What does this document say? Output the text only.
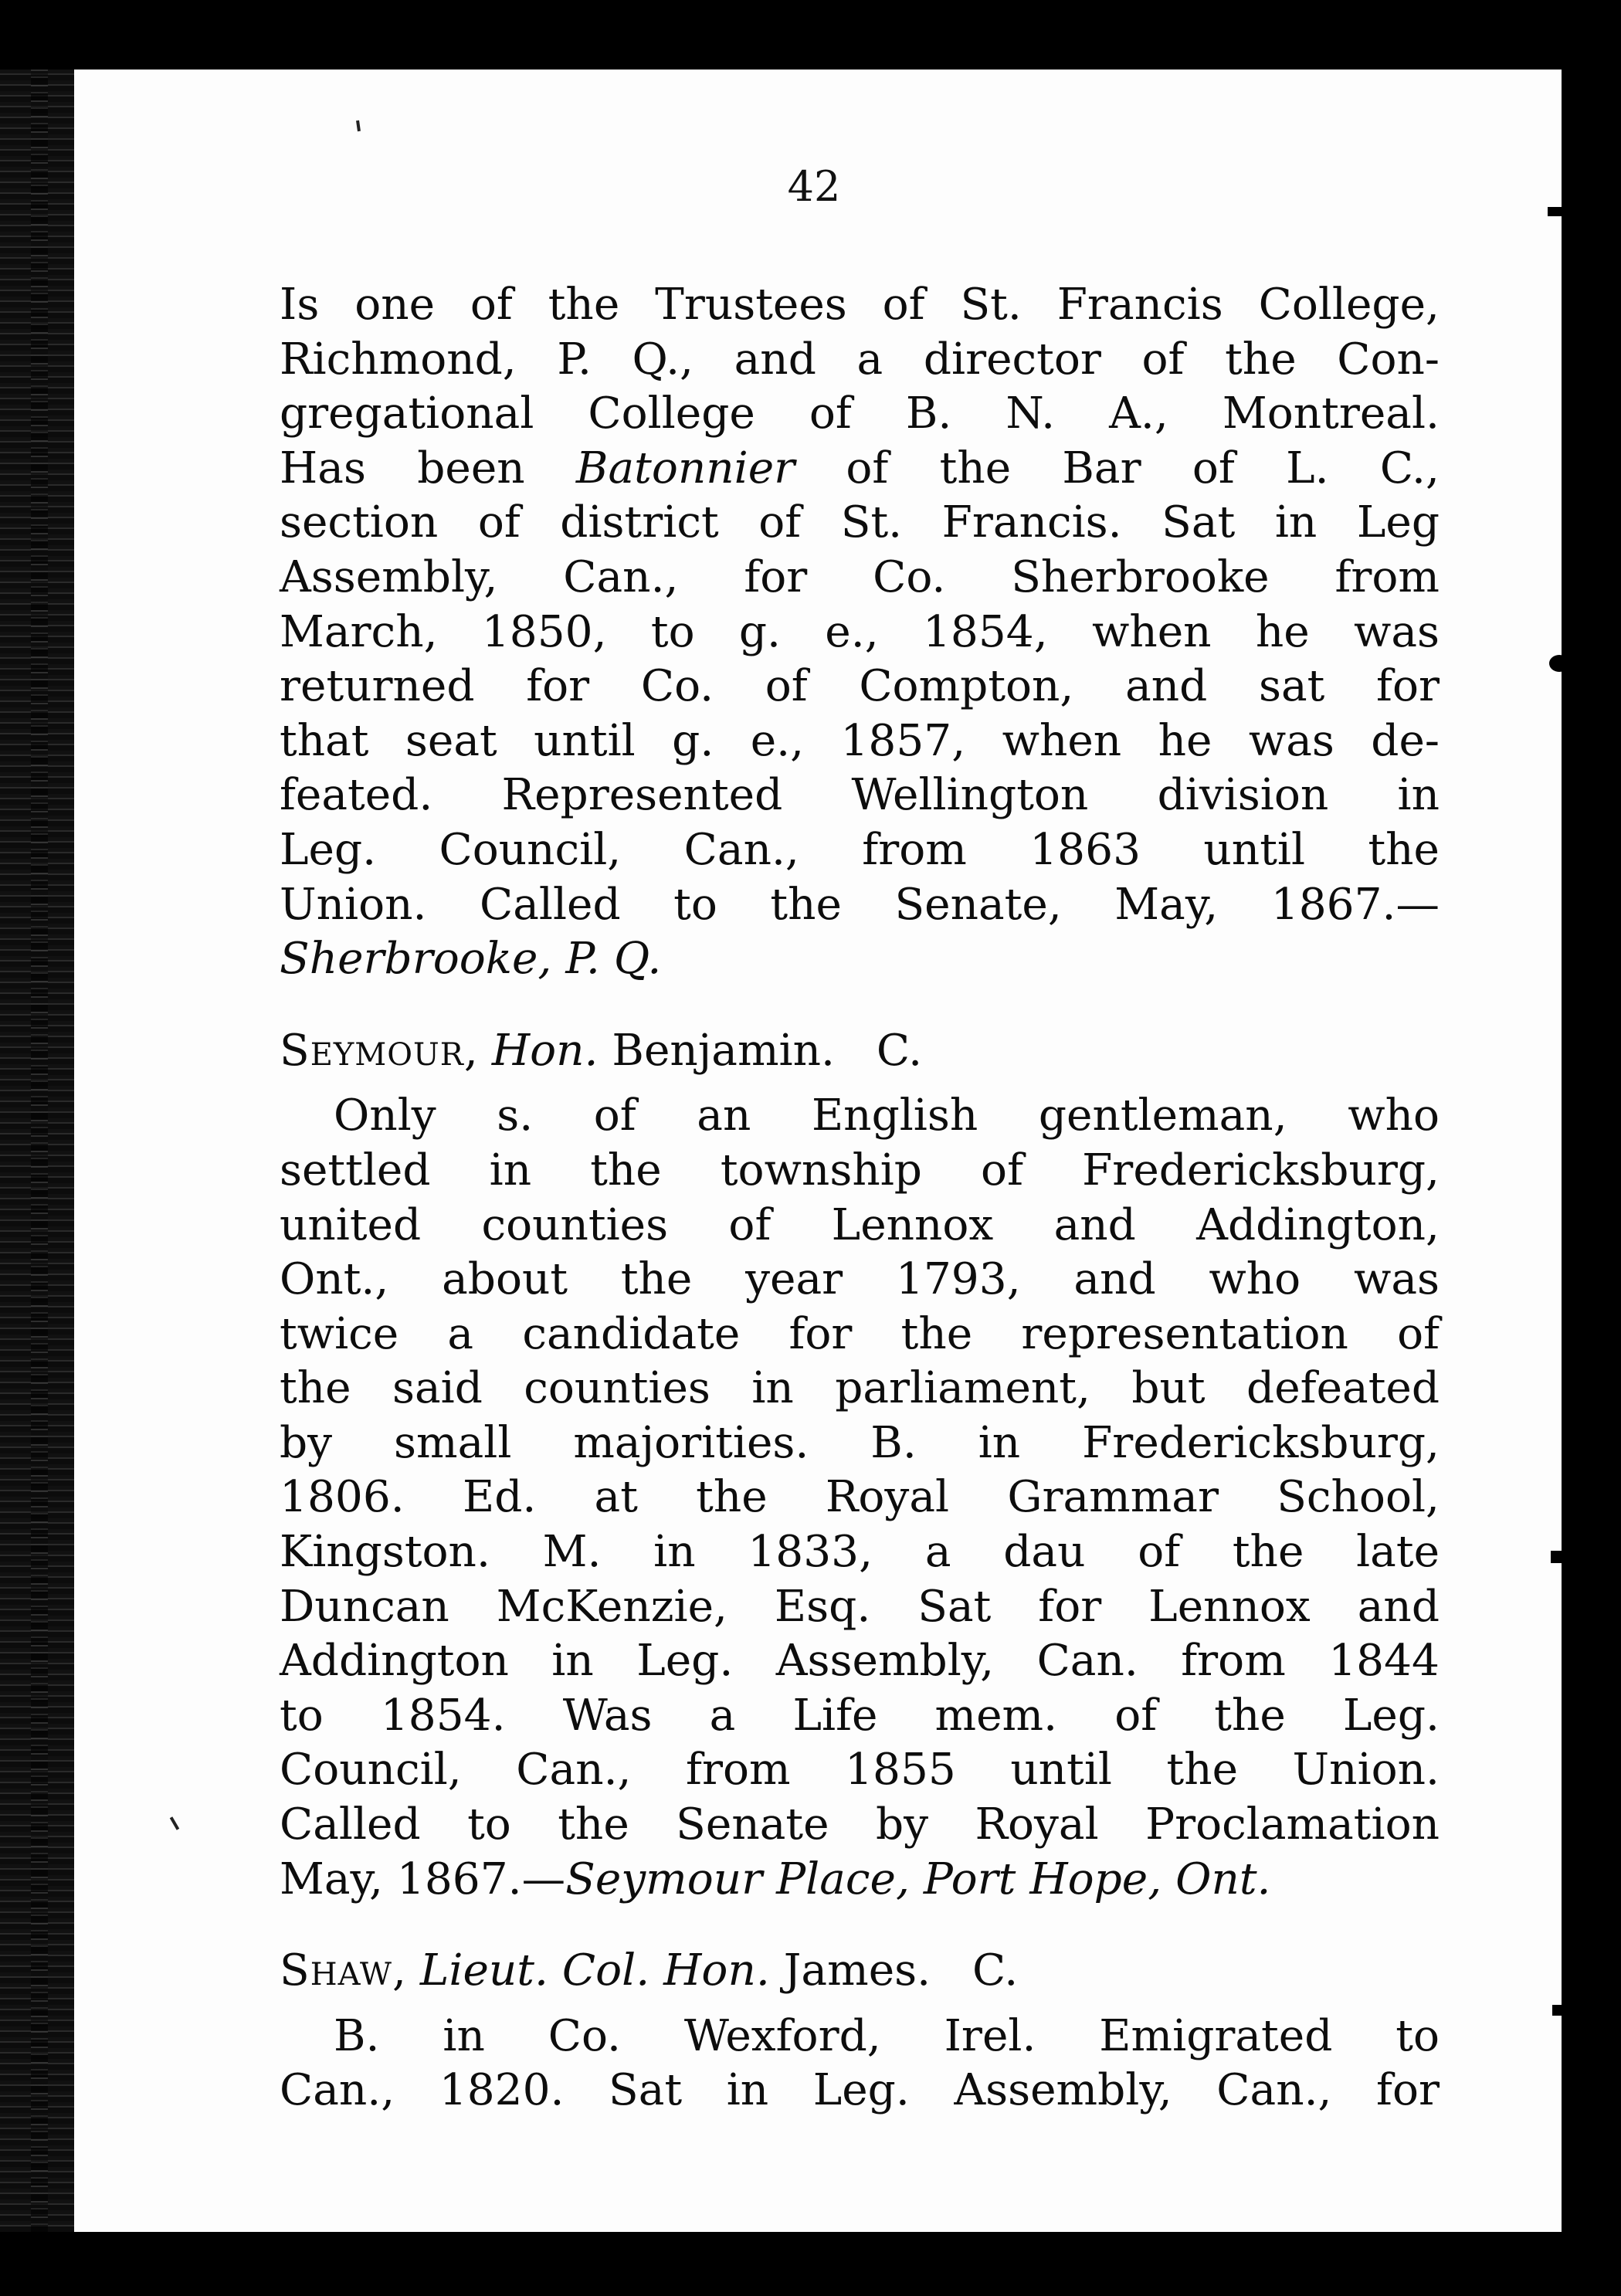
42
Is one of the Trustees of St. Francis College,
Richmond, P. Q., and a director of the Con-
gregational College of B. N. A., Montreal.
Has been Batonnier of the Bar of L. C.,
section of district of St. Francis. Sat in Leg
Assembly, Can., for Co. Sherbrooke from
March, 1850, to g. e., 1854, when he was
returned for Co. of Compton, and sat for
that seat until g. e., 1857, when he was de-
feated. Represented Wellington division in
Leg. Council, Can., from 1863 until the
Union. Called to the Senate, May, 1867.—
Sherbrooke, P. Q.
Seymour, Hon. Benjamin. C.
Only s. of an English gentleman, who
settled in the township of Fredericksburg,
united counties of Lennox and Addington,
Ont., about the year 1793, and who was
twice a candidate for the representation of
the said counties in parliament, but defeated
by small majorities. B. in Fredericksburg,
1806. Ed. at the Royal Grammar School,
Kingston. M. in 1833, a dau of the late
Duncan McKenzie, Esq. Sat for Lennox and
Addington in Leg. Assembly, Can. from 1844
to 1854. Was a Life mem. of the Leg.
Council, Can., from 1855 until the Union.
Called to the Senate by Royal Proclamation
May, 1867.—Seymour Place, Port Hope, Ont.
Shaw, Lieut. Col. Hon. James. C.
B. in Co. Wexford, Irel. Emigrated to
Can., 1820. Sat in Leg. Assembly, Can., for
